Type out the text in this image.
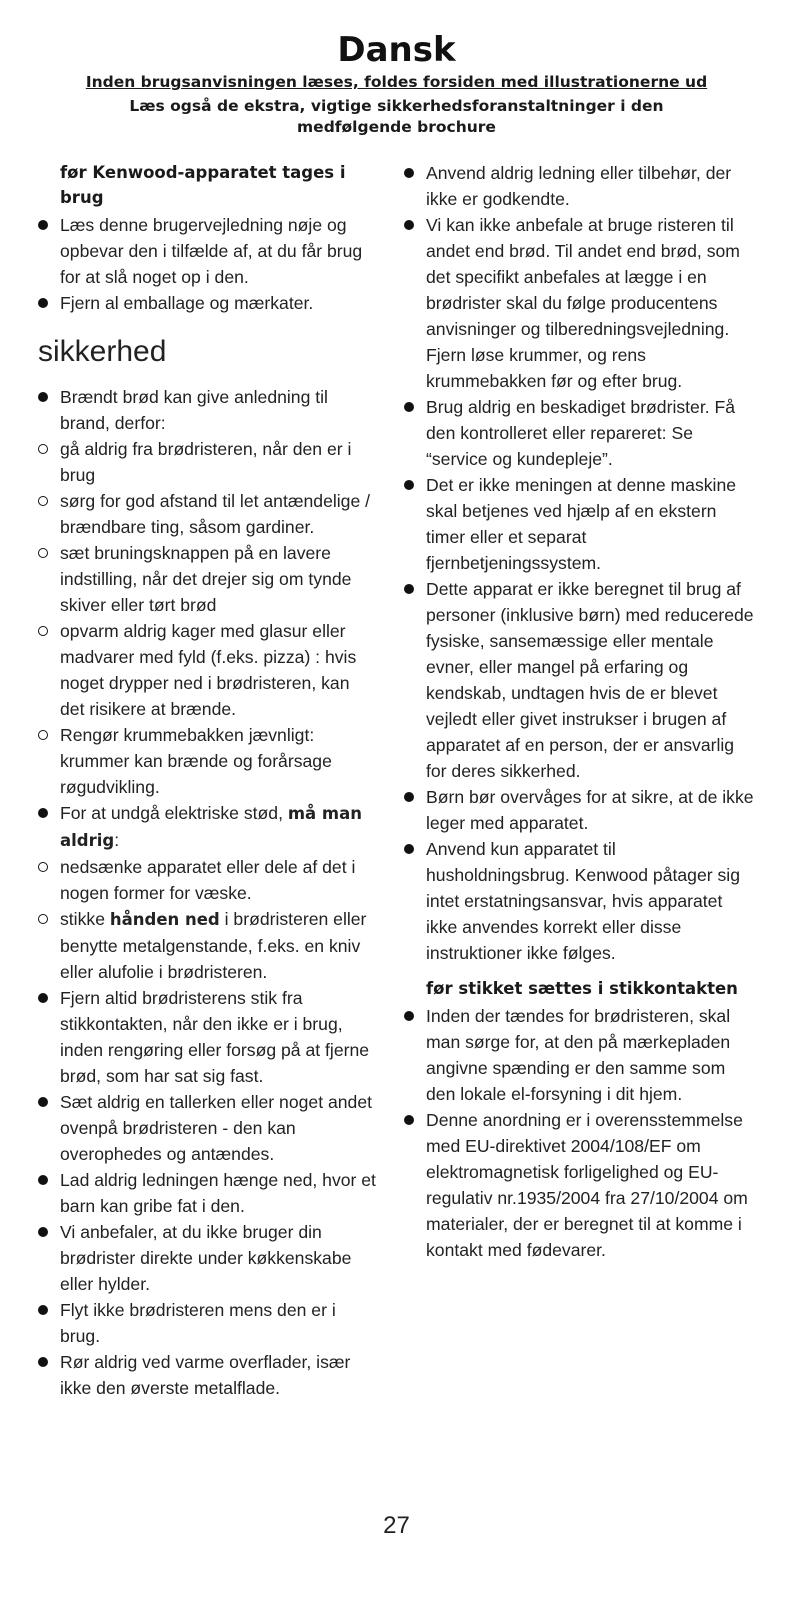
Dansk
Inden brugsanvisningen læses, foldes forsiden med illustrationerne ud
Læs også de ekstra, vigtige sikkerhedsforanstaltninger i den medfølgende brochure
før Kenwood-apparatet tages i brug
Læs denne brugervejledning nøje og opbevar den i tilfælde af, at du får brug for at slå noget op i den.
Fjern al emballage og mærkater.
sikkerhed
Brændt brød kan give anledning til brand, derfor:
gå aldrig fra brødristeren, når den er i brug
sørg for god afstand til let antændelige / brændbare ting, såsom gardiner.
sæt bruningsknappen på en lavere indstilling, når det drejer sig om tynde skiver eller tørt brød
opvarm aldrig kager med glasur eller madvarer med fyld (f.eks. pizza) : hvis noget drypper ned i brødristeren, kan det risikere at brænde.
Rengør krummebakken jævnligt: krummer kan brænde og forårsage røgudvikling.
For at undgå elektriske stød, må man aldrig:
nedsænke apparatet eller dele af det i nogen former for væske.
stikke hånden ned i brødristeren eller benytte metalgenstande, f.eks. en kniv eller alufolie i brødristeren.
Fjern altid brødristerens stik fra stikkontakten, når den ikke er i brug, inden rengøring eller forsøg på at fjerne brød, som har sat sig fast.
Sæt aldrig en tallerken eller noget andet ovenpå brødristeren - den kan overophedes og antændes.
Lad aldrig ledningen hænge ned, hvor et barn kan gribe fat i den.
Vi anbefaler, at du ikke bruger din brødrister direkte under køkkenskabe eller hylder.
Flyt ikke brødristeren mens den er i brug.
Rør aldrig ved varme overflader, især ikke den øverste metalflade.
Anvend aldrig ledning eller tilbehør, der ikke er godkendte.
Vi kan ikke anbefale at bruge risteren til andet end brød. Til andet end brød, som det specifikt anbefales at lægge i en brødrister skal du følge producentens anvisninger og tilberedningsvejledning. Fjern løse krummer, og rens krummebakken før og efter brug.
Brug aldrig en beskadiget brødrister. Få den kontrolleret eller repareret: Se “service og kundepleje”.
Det er ikke meningen at denne maskine skal betjenes ved hjælp af en ekstern timer eller et separat fjernbetjeningssystem.
Dette apparat er ikke beregnet til brug af personer (inklusive børn) med reducerede fysiske, sansemæssige eller mentale evner, eller mangel på erfaring og kendskab, undtagen hvis de er blevet vejledt eller givet instrukser i brugen af apparatet af en person, der er ansvarlig for deres sikkerhed.
Børn bør overvåges for at sikre, at de ikke leger med apparatet.
Anvend kun apparatet til husholdningsbrug. Kenwood påtager sig intet erstatningsansvar, hvis apparatet ikke anvendes korrekt eller disse instruktioner ikke følges.
før stikket sættes i stikkontakten
Inden der tændes for brødristeren, skal man sørge for, at den på mærkepladen angivne spænding er den samme som den lokale el-forsyning i dit hjem.
Denne anordning er i overensstemmelse med EU-direktivet 2004/108/EF om elektromagnetisk forligelighed og EU-regulativ nr.1935/2004 fra 27/10/2004 om materialer, der er beregnet til at komme i kontakt med fødevarer.
27
